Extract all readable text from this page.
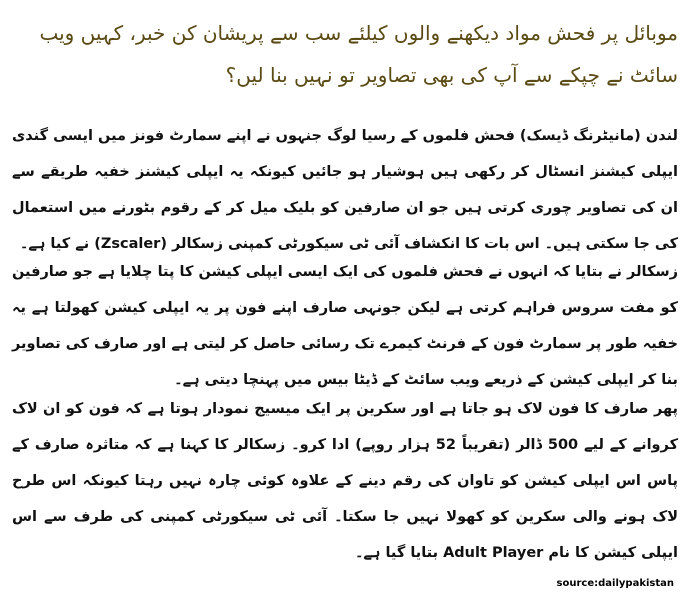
موبائل پر فحش مواد دیکھنے والوں کیلئے سب سے پریشان کن خبر، کہیں ویب سائٹ نے چپکے سے آپ کی بھی تصاویر تو نہیں بنا لیں؟

لندن (مانیٹرنگ ڈیسک) فحش فلموں کے رسیا لوگ جنہوں نے اپنے سمارٹ فونز میں ایسی گندی ایپلی کیشنز انسٹال کر رکھی ہیں ہوشیار ہو جائیں کیونکہ یہ ایپلی کیشنز خفیہ طریقے سے ان کی تصاویر چوری کرتی ہیں جو ان صارفین کو بلیک میل کر کے رقوم بٹورنے میں استعمال کی جا سکتی ہیں۔ اس بات کا انکشاف آئی ٹی سیکورٹی کمپنی زسکالر (Zscaler) نے کیا ہے۔

زسکالر نے بتایا کہ انہوں نے فحش فلموں کی ایک ایسی ایپلی کیشن کا پتا چلایا ہے جو صارفین کو مفت سروس فراہم کرتی ہے لیکن جونہی صارف اپنے فون پر یہ ایپلی کیشن کھولتا ہے یہ خفیہ طور پر سمارٹ فون کے فرنٹ کیمرے تک رسائی حاصل کر لیتی ہے اور صارف کی تصاویر بنا کر ایپلی کیشن کے ذریعے ویب سائٹ کے ڈیٹا بیس میں پہنچا دیتی ہے۔

پھر صارف کا فون لاک ہو جاتا ہے اور سکرین پر ایک میسیج نمودار ہوتا ہے کہ فون کو ان لاک کروانے کے لیے 500 ڈالر (تقریباً 52 ہزار روپے) ادا کرو۔ زسکالر کا کہنا ہے کہ متاثرہ صارف کے پاس اس ایپلی کیشن کو تاوان کی رقم دینے کے علاوہ کوئی چارہ نہیں رہتا کیونکہ اس طرح لاک ہونے والی سکرین کو کھولا نہیں جا سکتا۔ آئی ٹی سیکورٹی کمپنی کی طرف سے اس ایپلی کیشن کا نام Adult Player بتایا گیا ہے۔

source:dailypakistan
